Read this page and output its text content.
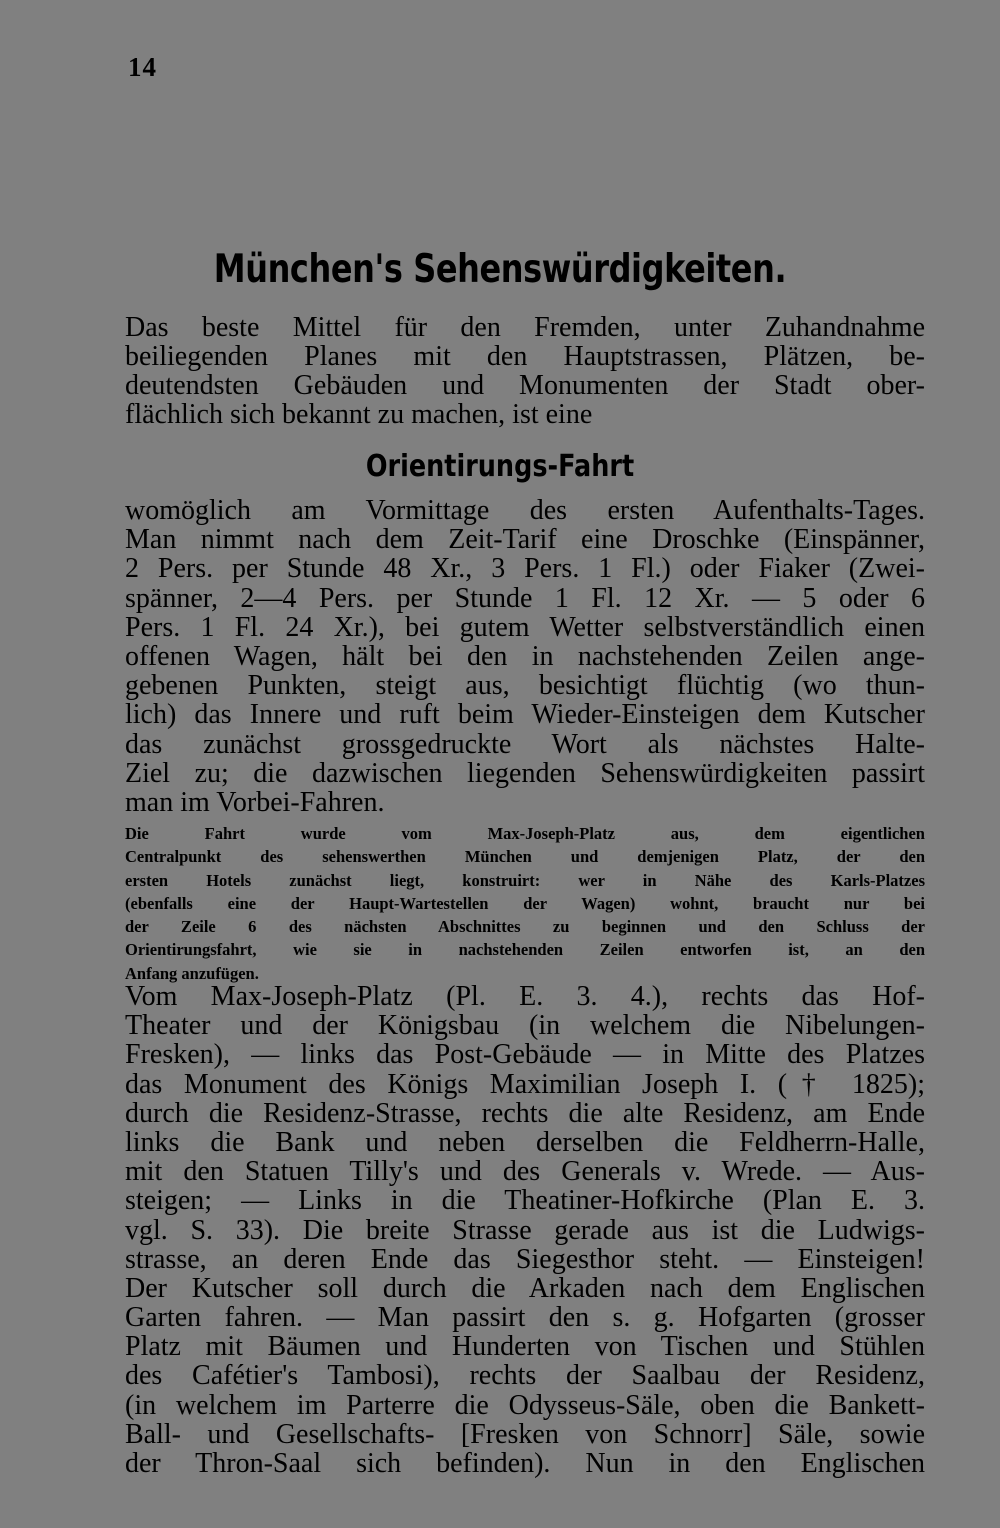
14
München's Sehenswürdigkeiten.
Das beste Mittel für den Fremden, unter Zuhandnahme
beiliegenden Planes mit den Hauptstrassen, Plätzen, be-
deutendsten Gebäuden und Monumenten der Stadt ober-
flächlich sich bekannt zu machen, ist eine
Orientirungs-Fahrt
womöglich am Vormittage des ersten Aufenthalts-Tages.
Man nimmt nach dem Zeit-Tarif eine Droschke (Einspänner,
2 Pers. per Stunde 48 Xr., 3 Pers. 1 Fl.) oder Fiaker (Zwei-
spänner, 2—4 Pers. per Stunde 1 Fl. 12 Xr. — 5 oder 6
Pers. 1 Fl. 24 Xr.), bei gutem Wetter selbstverständlich einen
offenen Wagen, hält bei den in nachstehenden Zeilen ange-
gebenen Punkten, steigt aus, besichtigt flüchtig (wo thun-
lich) das Innere und ruft beim Wieder-Einsteigen dem Kutscher
das zunächst grossgedruckte Wort als nächstes Halte-
Ziel zu; die dazwischen liegenden Sehenswürdigkeiten passirt
man im Vorbei-Fahren.
Die Fahrt wurde vom Max-Joseph-Platz aus, dem eigentlichen
Centralpunkt des sehenswerthen München und demjenigen Platz, der den
ersten Hotels zunächst liegt, konstruirt: wer in Nähe des Karls-Platzes
(ebenfalls eine der Haupt-Wartestellen der Wagen) wohnt, braucht nur bei
der Zeile 6 des nächsten Abschnittes zu beginnen und den Schluss der
Orientirungsfahrt, wie sie in nachstehenden Zeilen entworfen ist, an den
Anfang anzufügen.
Vom Max-Joseph-Platz (Pl. E. 3. 4.), rechts das Hof-
Theater und der Königsbau (in welchem die Nibelungen-
Fresken), — links das Post-Gebäude — in Mitte des Platzes
das Monument des Königs Maximilian Joseph I. († 1825);
durch die Residenz-Strasse, rechts die alte Residenz, am Ende
links die Bank und neben derselben die Feldherrn-Halle,
mit den Statuen Tilly's und des Generals v. Wrede. — Aus-
steigen; — Links in die Theatiner-Hofkirche (Plan E. 3.
vgl. S. 33). Die breite Strasse gerade aus ist die Ludwigs-
strasse, an deren Ende das Siegesthor steht. — Einsteigen!
Der Kutscher soll durch die Arkaden nach dem Englischen
Garten fahren. — Man passirt den s. g. Hofgarten (grosser
Platz mit Bäumen und Hunderten von Tischen und Stühlen
des Cafétier's Tambosi), rechts der Saalbau der Residenz,
(in welchem im Parterre die Odysseus-Säle, oben die Bankett-
Ball- und Gesellschafts- [Fresken von Schnorr] Säle, sowie
der Thron-Saal sich befinden). Nun in den Englischen
